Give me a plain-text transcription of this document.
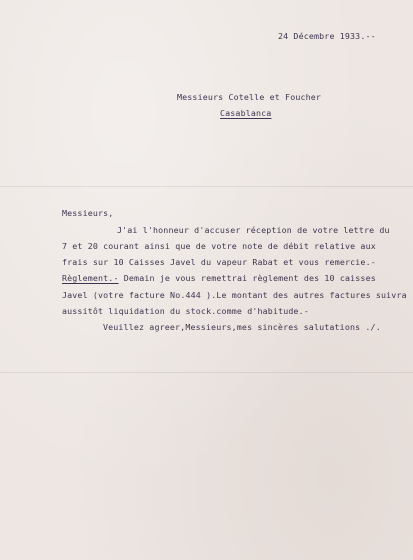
24 Décembre 1933.--
Messieurs Cotelle et Foucher
Casablanca
Messieurs,
J'ai l'honneur d'accuser réception de votre lettre du
7 et 20 courant ainsi que de votre note de débit relative aux
frais sur 10 Caisses Javel du vapeur Rabat et vous remercie.-
Règlement.- Demain je vous remettrai règlement des 10 caisses
Javel (votre facture No.444 ).Le montant des autres factures suivra
aussitôt liquidation du stock.comme d'habitude.-
Veuillez agreer,Messieurs,mes sincères salutations ./.
